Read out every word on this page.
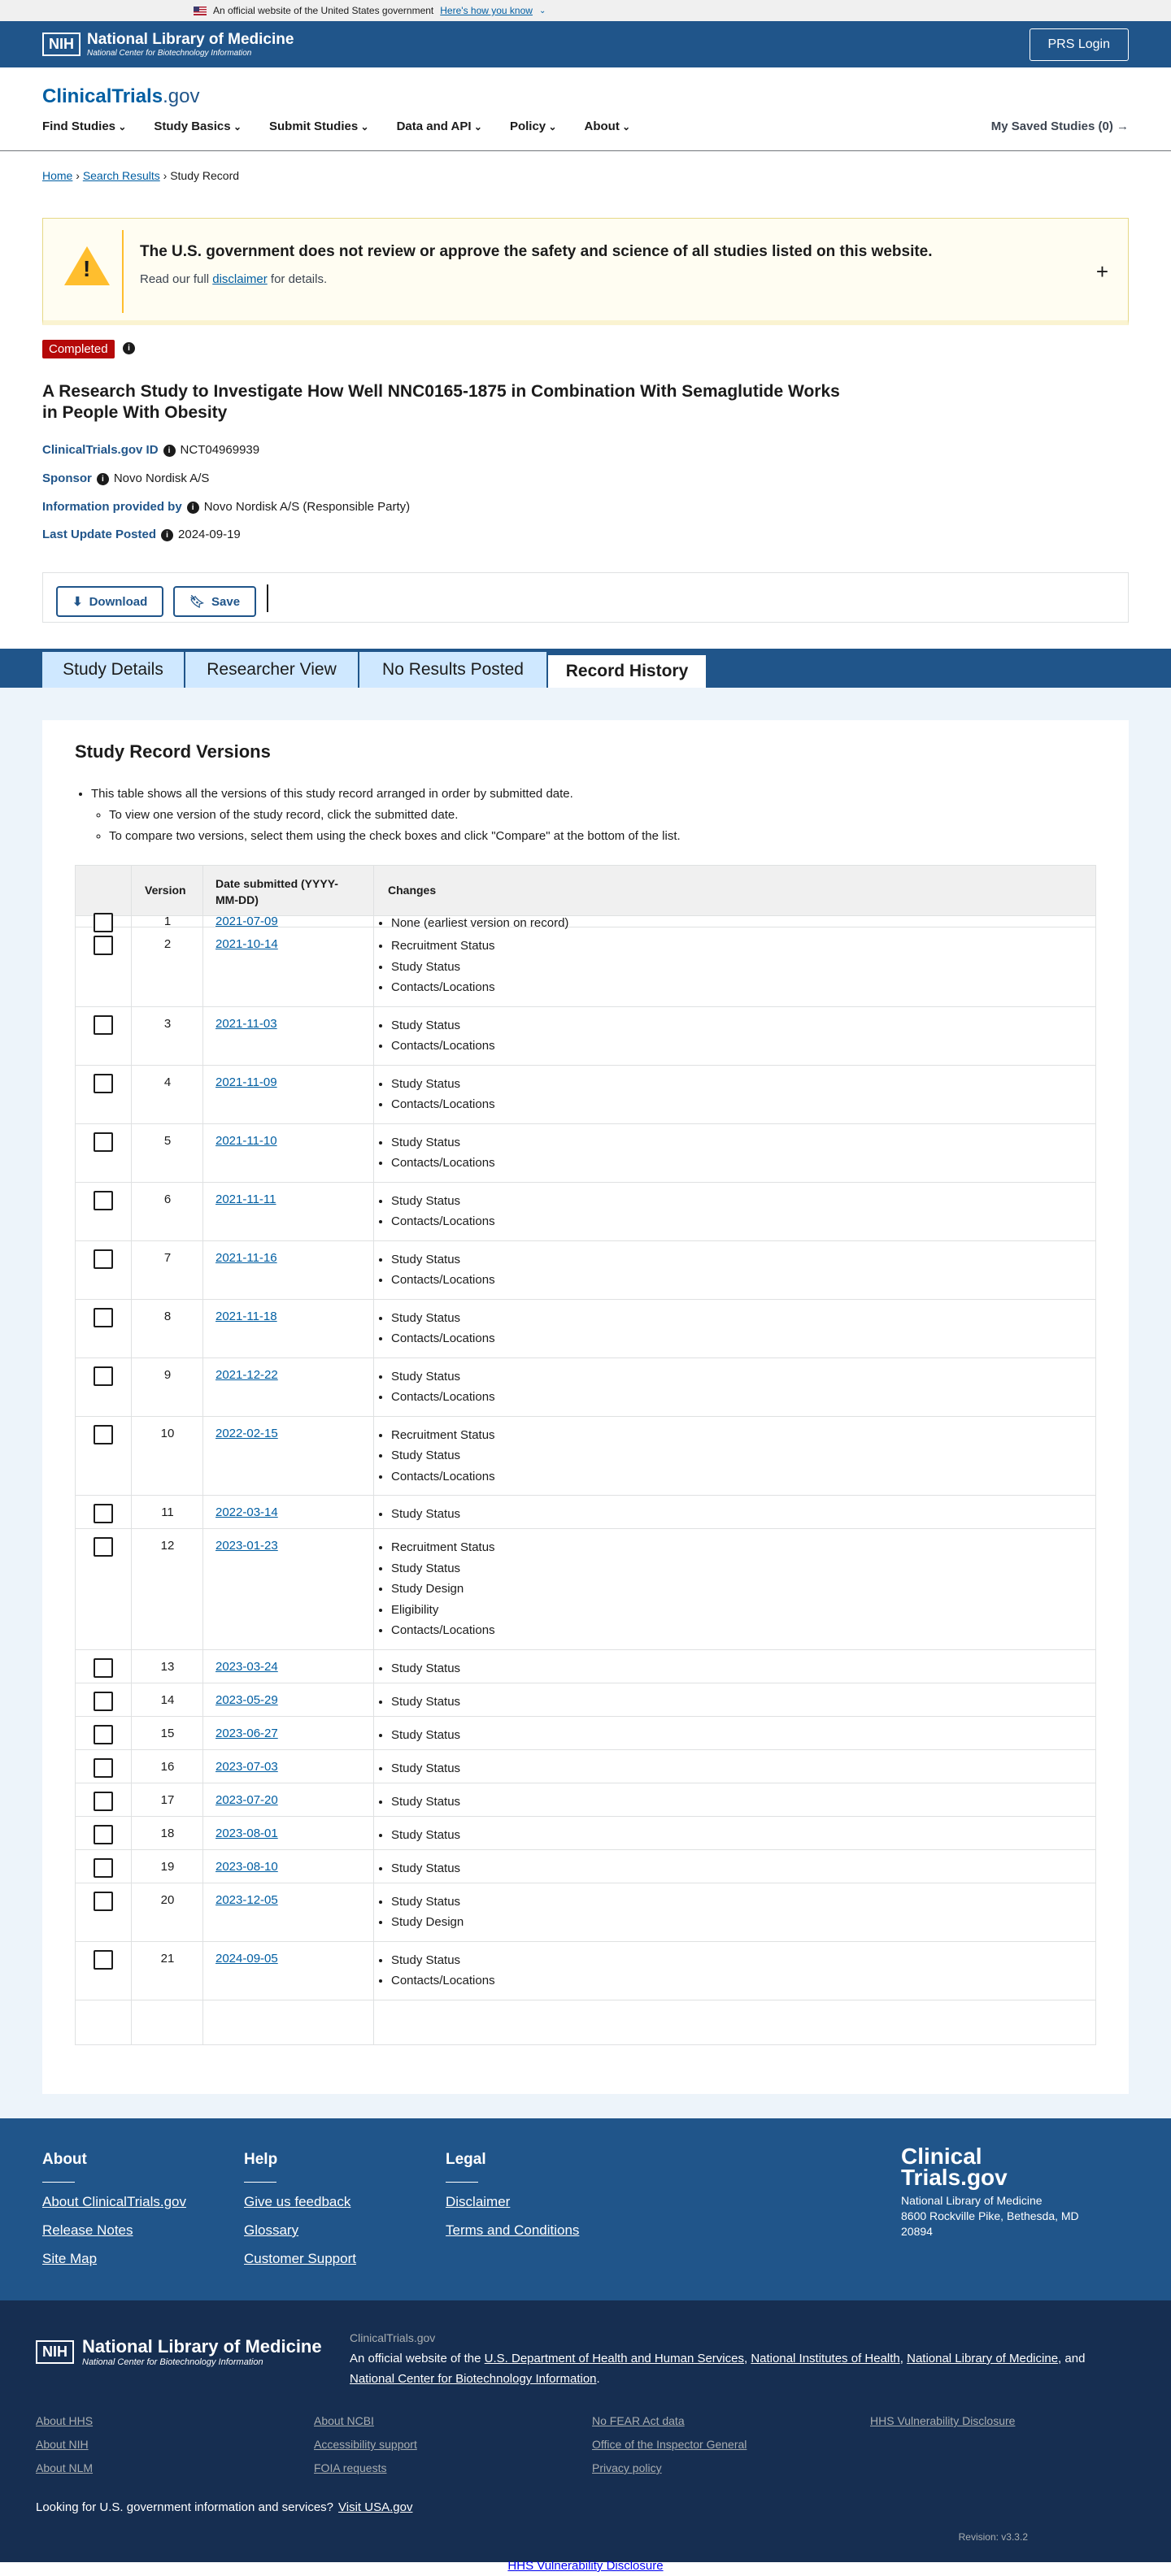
An official website of the United States government Here's how you know ⌄
NIH National Library of Medicine
National Center for Biotechnology Information
PRS Login
ClinicalTrials.gov
Find Studies ⌄	Study Basics ⌄	Submit Studies ⌄	Data and API ⌄	Policy ⌄	About ⌄	My Saved Studies (0) →
Home › Search Results › Study Record
!
The U.S. government does not review or approve the safety and science of all studies listed on this website.
Read our full disclaimer for details.	+
Completed	i
A Research Study to Investigate How Well NNC0165-1875 in Combination With Semaglutide Works in People With Obesity
ClinicalTrials.gov ID i NCT04969939
Sponsor i Novo Nordisk A/S
Information provided by i Novo Nordisk A/S (Responsible Party)
Last Update Posted i 2024-09-19
⬇ Download	🔖︎ Save
Study Details	Researcher View	No Results Posted	Record History
Study Record Versions
• This table shows all the versions of this study record arranged in order by submitted date.
◦ To view one version of the study record, click the submitted date.
◦ To compare two versions, select them using the check boxes and click "Compare" at the bottom of the list.
Version	Date submitted (YYYY-MM-DD)
Changes
1	2021-07-09	• None (earliest version on record)
2	2021-10-14	• Recruitment Status
• Study Status
• Contacts/Locations
3	2021-11-03	• Study Status
• Contacts/Locations
4	2021-11-09	• Study Status
• Contacts/Locations
5	2021-11-10	• Study Status
• Contacts/Locations
6	2021-11-11	• Study Status
• Contacts/Locations
7	2021-11-16	• Study Status
• Contacts/Locations
8	2021-11-18	• Study Status
• Contacts/Locations
9	2021-12-22	• Study Status
• Contacts/Locations
10	2022-02-15	• Recruitment Status
• Study Status
• Contacts/Locations
11	2022-03-14	• Study Status
12	2023-01-23	• Recruitment Status
• Study Status
• Study Design
• Eligibility
• Contacts/Locations
13	2023-03-24	• Study Status
14	2023-05-29	• Study Status
15	2023-06-27	• Study Status
16	2023-07-03	• Study Status
17	2023-07-20	• Study Status
18	2023-08-01	• Study Status
19	2023-08-10	• Study Status
20	2023-12-05	• Study Status
• Study Design
21	2024-09-05	• Study Status
• Contacts/Locations
About
About ClinicalTrials.gov
Release Notes
Site Map
Help
Give us feedback
Glossary
Customer Support
Legal
Disclaimer
Terms and Conditions
Clinical
Trials.gov
National Library of Medicine
8600 Rockville Pike, Bethesda, MD
20894
NIH National Library of Medicine
National Center for Biotechnology Information
ClinicalTrials.gov
An official website of the U.S. Department of Health and Human Services, National Institutes of Health, National Library of Medicine, and National Center for Biotechnology Information.
About HHS
About NIH
About NLM
About NCBI
Accessibility support
FOIA requests
No FEAR Act data
Office of the Inspector General
Privacy policy
HHS Vulnerability Disclosure
Looking for U.S. government information and services? Visit USA.gov
Revision: v3.3.2
HHS Vulnerability Disclosure
